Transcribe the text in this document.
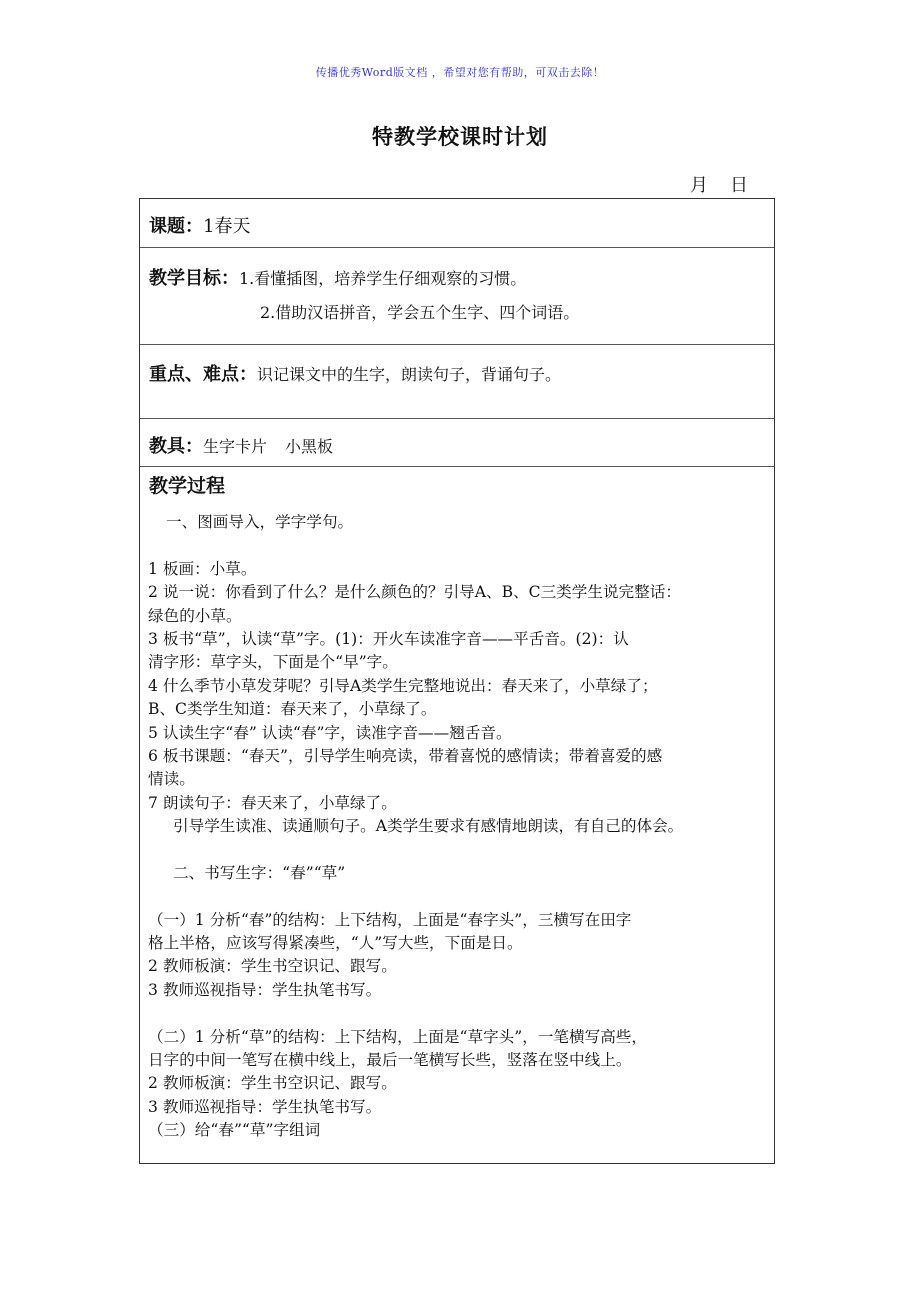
传播优秀Word版文档 ，希望对您有帮助，可双击去除！
特教学校课时计划
月 日
课题：1春天
教学目标：1.看懂插图，培养学生仔细观察的习惯。
2.借助汉语拼音，学会五个生字、四个词语。
重点、难点：识记课文中的生字，朗读句子，背诵句子。
教具：生字卡片 小黑板
教学过程
一、图画导入，学字学句。
1 板画：小草。
2 说一说：你看到了什么？是什么颜色的？引导A、B、C三类学生说完整话：
绿色的小草。
3 板书“草”，认读“草”字。(1)：开火车读准字音——平舌音。(2)：认
清字形：草字头，下面是个“早”字。
4 什么季节小草发芽呢？引导A类学生完整地说出：春天来了，小草绿了；
B、C类学生知道：春天来了，小草绿了。
5 认读生字“春” 认读“春”字，读准字音——翘舌音。
6 板书课题：“春天”，引导学生响亮读，带着喜悦的感情读；带着喜爱的感
情读。
7 朗读句子：春天来了，小草绿了。
引导学生读准、读通顺句子。A类学生要求有感情地朗读，有自己的体会。
二、书写生字：“春”“草”
（一）1 分析“春”的结构：上下结构，上面是“春字头”，三横写在田字
格上半格，应该写得紧凑些，“人”写大些，下面是日。
2 教师板演：学生书空识记、跟写。
3 教师巡视指导：学生执笔书写。
（二）1 分析“草”的结构：上下结构，上面是“草字头”，一笔横写高些，
日字的中间一笔写在横中线上，最后一笔横写长些，竖落在竖中线上。
2 教师板演：学生书空识记、跟写。
3 教师巡视指导：学生执笔书写。
（三）给“春”“草”字组词
